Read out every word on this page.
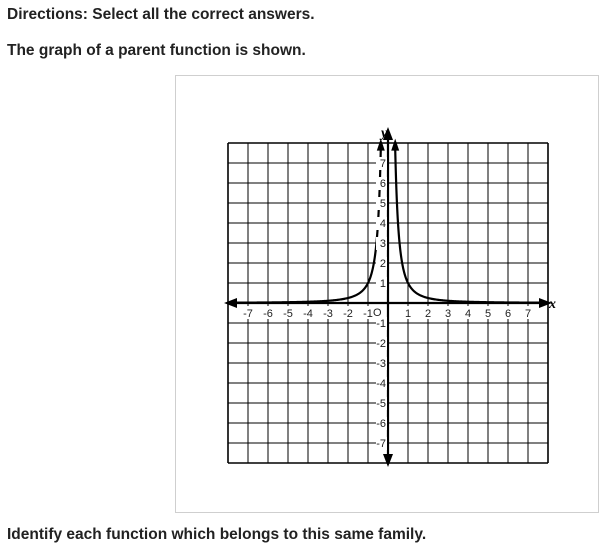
Directions: Select all the correct answers.
The graph of a parent function is shown.
-7 -6 -5 -4 -3 -2 -1	1 2 3 4 5 6 7
7
6
5
4
3
2
1
-1
-2
-3
-4
-5
-6
-7
x
y
O
Identify each function which belongs to this same family.
